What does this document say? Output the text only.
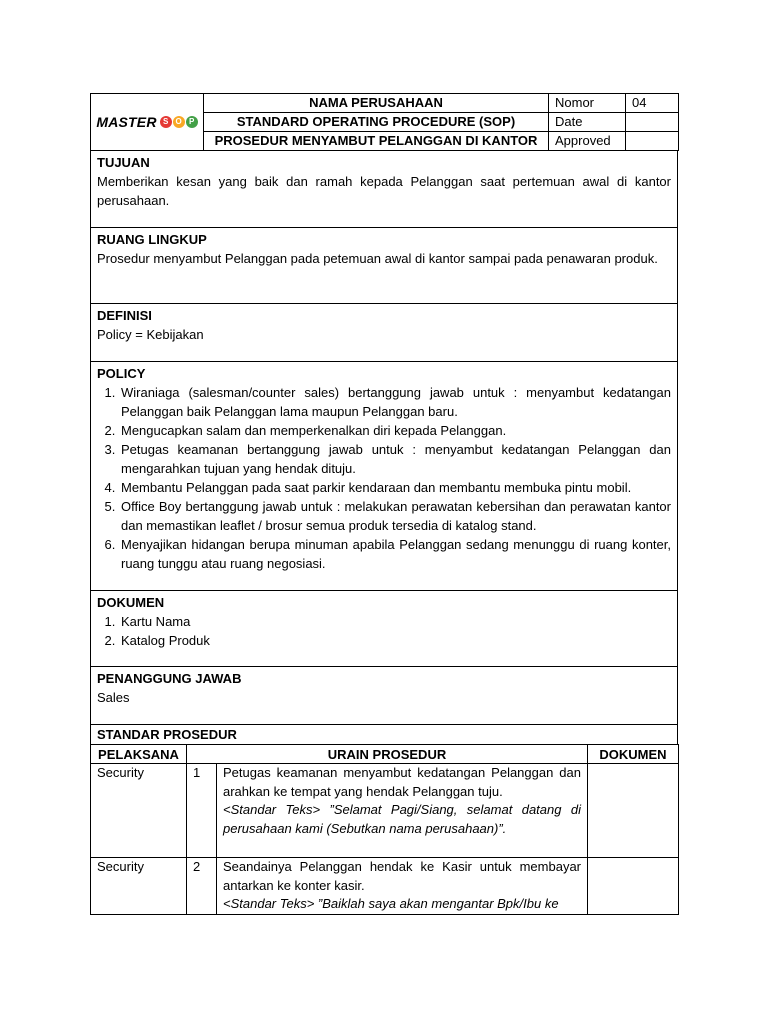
MASTER S O P	NAMA PERUSAHAAN	Nomor	04
	STANDARD OPERATING PROCEDURE (SOP)	Date	
	PROSEDUR MENYAMBUT PELANGGAN DI KANTOR	Approved	
TUJUAN
Memberikan kesan yang baik dan ramah kepada Pelanggan saat pertemuan awal di kantor perusahaan.
RUANG LINGKUP
Prosedur menyambut Pelanggan pada petemuan awal di kantor sampai pada penawaran produk.
DEFINISI
Policy = Kebijakan
POLICY
1. Wiraniaga (salesman/counter sales) bertanggung jawab untuk : menyambut kedatangan Pelanggan baik Pelanggan lama maupun Pelanggan baru.
2. Mengucapkan salam dan memperkenalkan diri kepada Pelanggan.
3. Petugas keamanan bertanggung jawab untuk : menyambut kedatangan Pelanggan dan mengarahkan tujuan yang hendak dituju.
4. Membantu Pelanggan pada saat parkir kendaraan dan membantu membuka pintu mobil.
5. Office Boy bertanggung jawab untuk : melakukan perawatan kebersihan dan perawatan kantor dan memastikan leaflet / brosur semua produk tersedia di katalog stand.
6. Menyajikan hidangan berupa minuman apabila Pelanggan sedang menunggu di ruang konter, ruang tunggu atau ruang negosiasi.
DOKUMEN
1. Kartu Nama
2. Katalog Produk
PENANGGUNG JAWAB
Sales
STANDAR PROSEDUR
PELAKSANA	URAIN PROSEDUR		DOKUMEN
Security	1	Petugas keamanan menyambut kedatangan Pelanggan dan arahkan ke tempat yang hendak Pelanggan tuju.
<Standar Teks> ”Selamat Pagi/Siang, selamat datang di perusahaan kami (Sebutkan nama perusahaan)”.	
Security	2	Seandainya Pelanggan hendak ke Kasir untuk membayar antarkan ke konter kasir.
<Standar Teks> ”Baiklah saya akan mengantar Bpk/Ibu ke	
